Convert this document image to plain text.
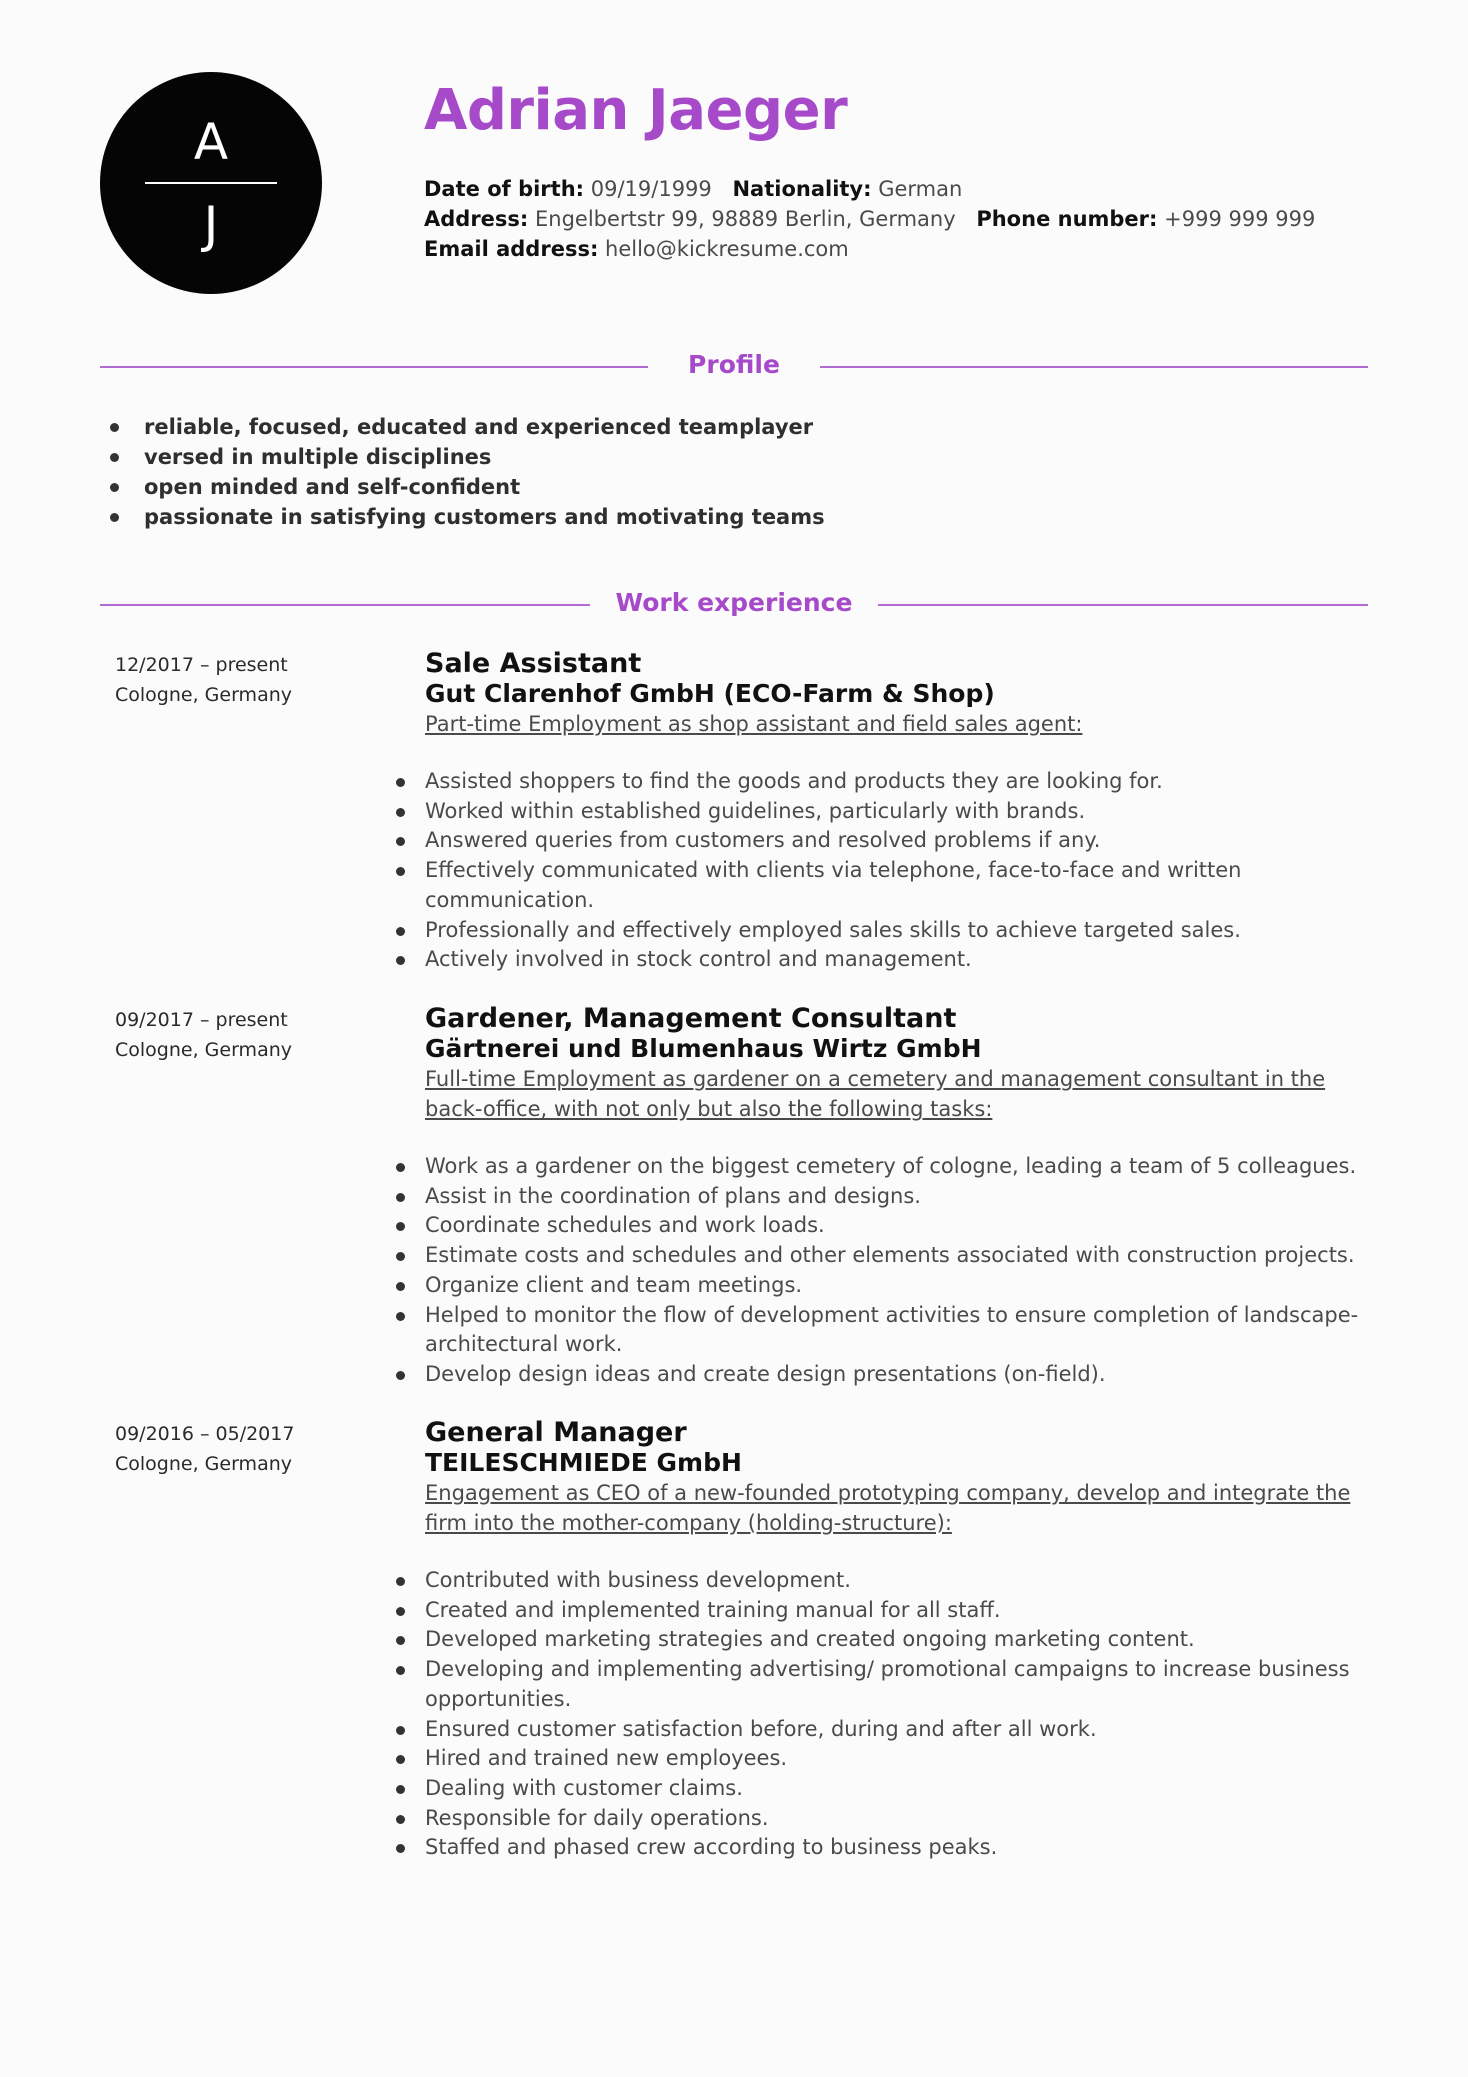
A
J
Adrian Jaeger
Date of birth: 09/19/1999 Nationality: German
Address: Engelbertstr 99, 98889 Berlin, Germany Phone number: +999 999 999
Email address: hello@kickresume.com
Profile
reliable, focused, educated and experienced teamplayer
versed in multiple disciplines
open minded and self-confident
passionate in satisfying customers and motivating teams
Work experience
12/2017 – present
Cologne, Germany
Sale Assistant
Gut Clarenhof GmbH (ECO-Farm & Shop)
Part-time Employment as shop assistant and field sales agent:
Assisted shoppers to find the goods and products they are looking for.
Worked within established guidelines, particularly with brands.
Answered queries from customers and resolved problems if any.
Effectively communicated with clients via telephone, face-to-face and written communication.
Professionally and effectively employed sales skills to achieve targeted sales.
Actively involved in stock control and management.
09/2017 – present
Cologne, Germany
Gardener, Management Consultant
Gärtnerei und Blumenhaus Wirtz GmbH
Full-time Employment as gardener on a cemetery and management consultant in the back-office, with not only but also the following tasks:
Work as a gardener on the biggest cemetery of cologne, leading a team of 5 colleagues.
Assist in the coordination of plans and designs.
Coordinate schedules and work loads.
Estimate costs and schedules and other elements associated with construction projects.
Organize client and team meetings.
Helped to monitor the flow of development activities to ensure completion of landscape-architectural work.
Develop design ideas and create design presentations (on-field).
09/2016 – 05/2017
Cologne, Germany
General Manager
TEILESCHMIEDE GmbH
Engagement as CEO of a new-founded prototyping company, develop and integrate the firm into the mother-company (holding-structure):
Contributed with business development.
Created and implemented training manual for all staff.
Developed marketing strategies and created ongoing marketing content.
Developing and implementing advertising/ promotional campaigns to increase business opportunities.
Ensured customer satisfaction before, during and after all work.
Hired and trained new employees.
Dealing with customer claims.
Responsible for daily operations.
Staffed and phased crew according to business peaks.
